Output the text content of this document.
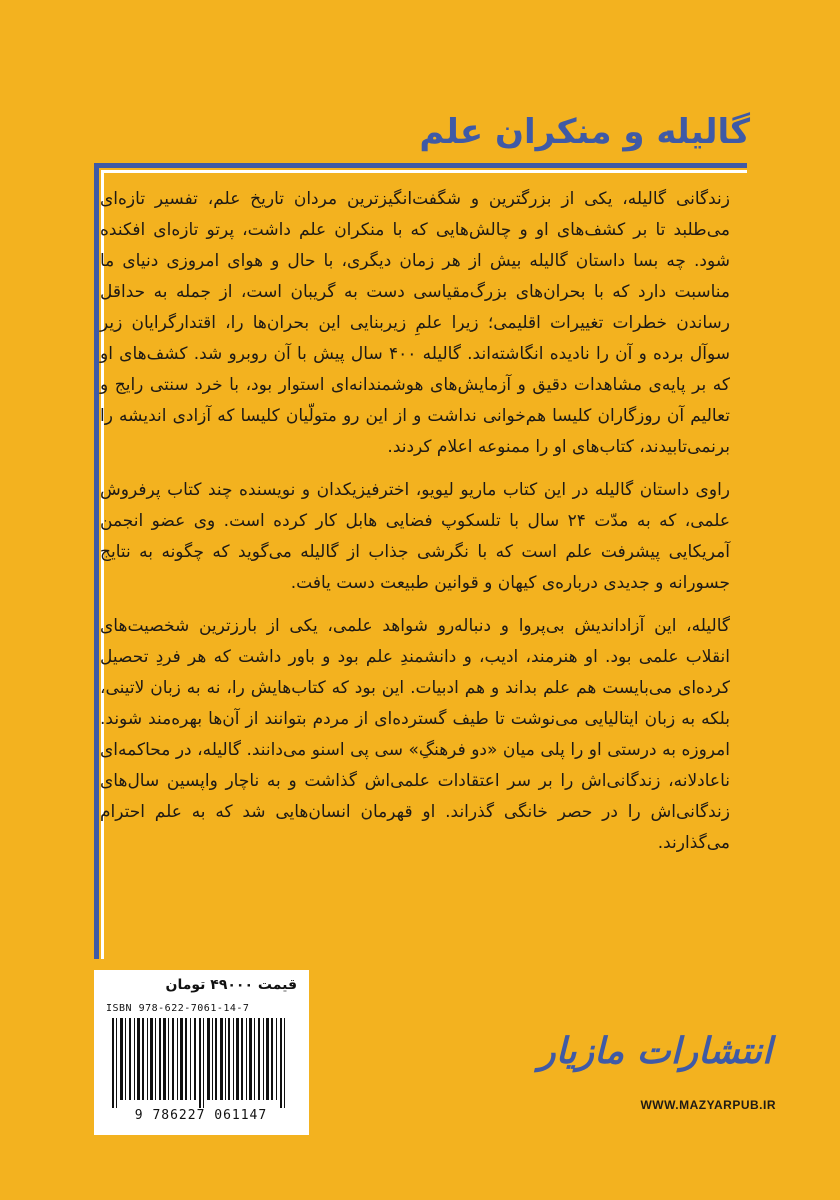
گالیله و منکران علم

زندگانی گالیله، یکی از بزرگترین و شگفت‌انگیزترین مردان تاریخ علم، تفسیر تازه‌ای می‌طلبد تا بر کشف‌های او و چالش‌هایی که با منکران علم داشت، پرتو تازه‌ای افکنده شود. چه بسا داستان گالیله بیش از هر زمان دیگری، با حال و هوای امروزی دنیای ما مناسبت دارد که با بحران‌های بزرگ‌مقیاسی دست به گریبان است، از جمله به حداقل رساندن خطرات تغییرات اقلیمی؛ زیرا علمِ زیربنایی این بحران‌ها را، اقتدارگرایان زیر سوآل برده و آن را نادیده انگاشته‌اند. گالیله ۴۰۰ سال پیش با آن روبرو شد. کشف‌های او که بر پایه‌ی مشاهدات دقیق و آزمایش‌های هوشمندانه‌ای استوار بود، با خرد سنتی رایج و تعالیم آن روزگاران کلیسا هم‌خوانی نداشت و از این رو متولّیان کلیسا که آزادی اندیشه را برنمی‌تابیدند، کتاب‌های او را ممنوعه اعلام کردند.

راوی داستان گالیله در این کتاب ماریو لیویو، اخترفیزیکدان و نویسنده چند کتاب پرفروش علمی، که به مدّت ۲۴ سال با تلسکوپ فضایی هابل کار کرده است. وی عضو انجمن آمریکایی پیشرفت علم است که با نگرشی جذاب از گالیله می‌گوید که چگونه به نتایج جسورانه و جدیدی درباره‌ی کیهان و قوانین طبیعت دست یافت.

گالیله، این آزاداندیش بی‌پروا و دنباله‌رو شواهد علمی، یکی از بارزترین شخصیت‌های انقلاب علمی بود. او هنرمند، ادیب، و دانشمندِ علم بود و باور داشت که هر فردِ تحصیل کرده‌ای می‌بایست هم علم بداند و هم ادبیات. این بود که کتاب‌هایش را، نه به زبان لاتینی، بلکه به زبان ایتالیایی می‌نوشت تا طیف گسترده‌ای از مردم بتوانند از آن‌ها بهره‌مند شوند. امروزه به درستی او را پلی میان «دو فرهنگِ» سی پی اسنو می‌دانند. گالیله، در محاکمه‌ای ناعادلانه، زندگانی‌اش را بر سر اعتقادات علمی‌اش گذاشت و به ناچار واپسین سال‌های زندگانی‌اش را در حصر خانگی گذراند. او قهرمان انسان‌هایی شد که به علم احترام می‌گذارند.

قیمت ۴۹۰۰۰ تومان
ISBN 978-622-7061-14-7
9 786227 061147
انتشارات مازیار
WWW.MAZYARPUB.IR
